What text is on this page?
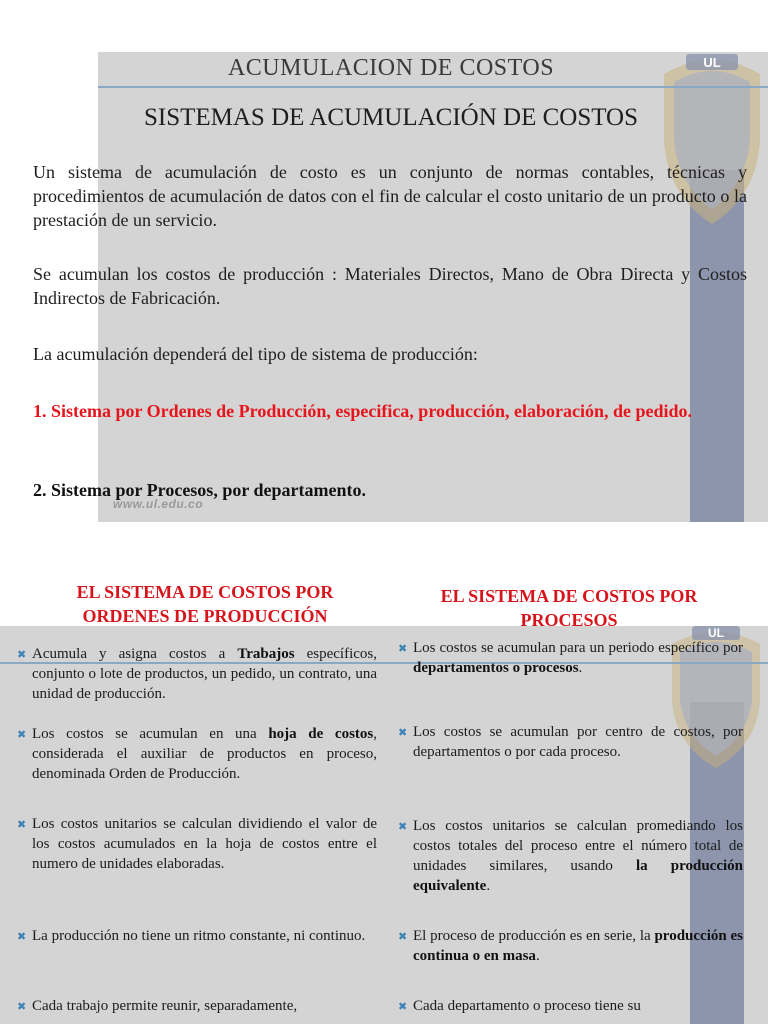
UL
ACUMULACION DE COSTOS
SISTEMAS DE ACUMULACIÓN DE COSTOS
Un sistema de acumulación de costo es un conjunto de normas contables, técnicas y procedimientos de acumulación de datos con el fin de calcular el costo unitario de un producto o la prestación de un servicio.
Se acumulan los costos de producción : Materiales Directos, Mano de Obra Directa y Costos Indirectos de Fabricación.
La acumulación dependerá del tipo de sistema de producción:
1. Sistema por Ordenes de Producción, especifica, producción, elaboración, de pedido.
2. Sistema por Procesos, por departamento.
www.ul.edu.co
UL
EL SISTEMA DE COSTOS POR ORDENES DE PRODUCCIÓN
EL SISTEMA DE COSTOS POR PROCESOS
✖ Acumula y asigna costos a Trabajos específicos, conjunto o lote de productos, un pedido, un contrato, una unidad de producción.
✖ Los costos se acumulan en una hoja de costos, considerada el auxiliar de productos en proceso, denominada Orden de Producción.
✖ Los costos unitarios se calculan dividiendo el valor de los costos acumulados en la hoja de costos entre el numero de unidades elaboradas.
✖ La producción no tiene un ritmo constante, ni continuo.
✖ Cada trabajo permite reunir, separadamente,
✖ Los costos se acumulan para un periodo específico por departamentos o procesos.
✖ Los costos se acumulan por centro de costos, por departamentos o por cada proceso.
✖ Los costos unitarios se calculan promediando los costos totales del proceso entre el número total de unidades similares, usando la producción equivalente.
✖ El proceso de producción es en serie, la producción es continua o en masa.
✖ Cada departamento o proceso tiene su
